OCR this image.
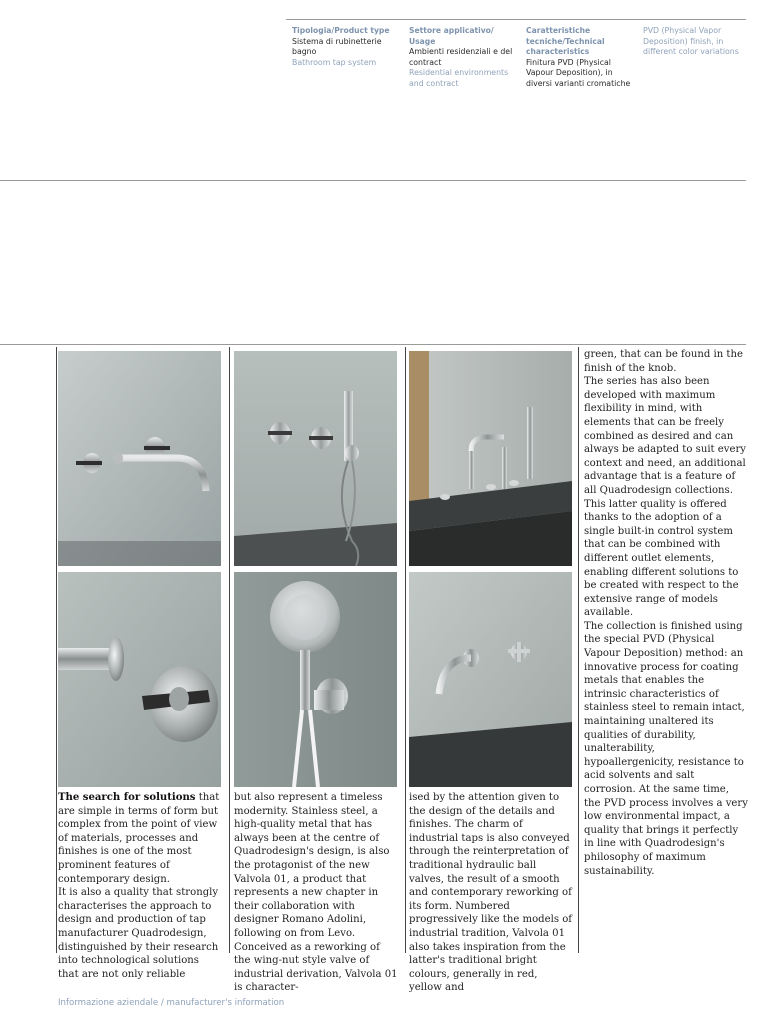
Tipologia/Product type
Sistema di rubinetterie bagno
Bathroom tap system
Settore applicativo/ Usage
Ambienti residenziali e del contract
Residential environments and contract
Caratteristiche tecniche/Technical characteristics
Finitura PVD (Physical Vapour Deposition), in diversi varianti cromatiche
PVD (Physical Vapor Deposition) finish, in different color variations

The search for solutions that are simple in terms of form but complex from the point of view of materials, processes and finishes is one of the most prominent features of contemporary design.

It is also a quality that strongly characterises the approach to design and production of tap manufacturer Quadrodesign, distinguished by their research into technological solutions that are not only reliable

but also represent a timeless modernity. Stainless steel, a high-quality metal that has always been at the centre of Quadrodesign's design, is also the protagonist of the new Valvola 01, a product that represents a new chapter in their collaboration with designer Romano Adolini, following on from Levo.

Conceived as a reworking of the wing-nut style valve of industrial derivation, Valvola 01 is character-

ised by the attention given to the design of the details and finishes. The charm of industrial taps is also conveyed through the reinterpretation of traditional hydraulic ball valves, the result of a smooth and contemporary reworking of its form. Numbered progressively like the models of industrial tradition, Valvola 01 also takes inspiration from the latter's traditional bright colours, generally in red, yellow and

green, that can be found in the finish of the knob.

The series has also been developed with maximum flexibility in mind, with elements that can be freely combined as desired and can always be adapted to suit every context and need, an additional advantage that is a feature of all Quadrodesign collections.

This latter quality is offered thanks to the adoption of a single built-in control system that can be combined with different outlet elements, enabling different solutions to be created with respect to the extensive range of models available.

The collection is finished using the special PVD (Physical Vapour Deposition) method: an innovative process for coating metals that enables the intrinsic characteristics of stainless steel to remain intact, maintaining unaltered its qualities of durability, unalterability, hypoallergenicity, resistance to acid solvents and salt corrosion. At the same time, the PVD process involves a very low environmental impact, a quality that brings it perfectly in line with Quadrodesign's philosophy of maximum sustainability.

Informazione aziendale / manufacturer's information
